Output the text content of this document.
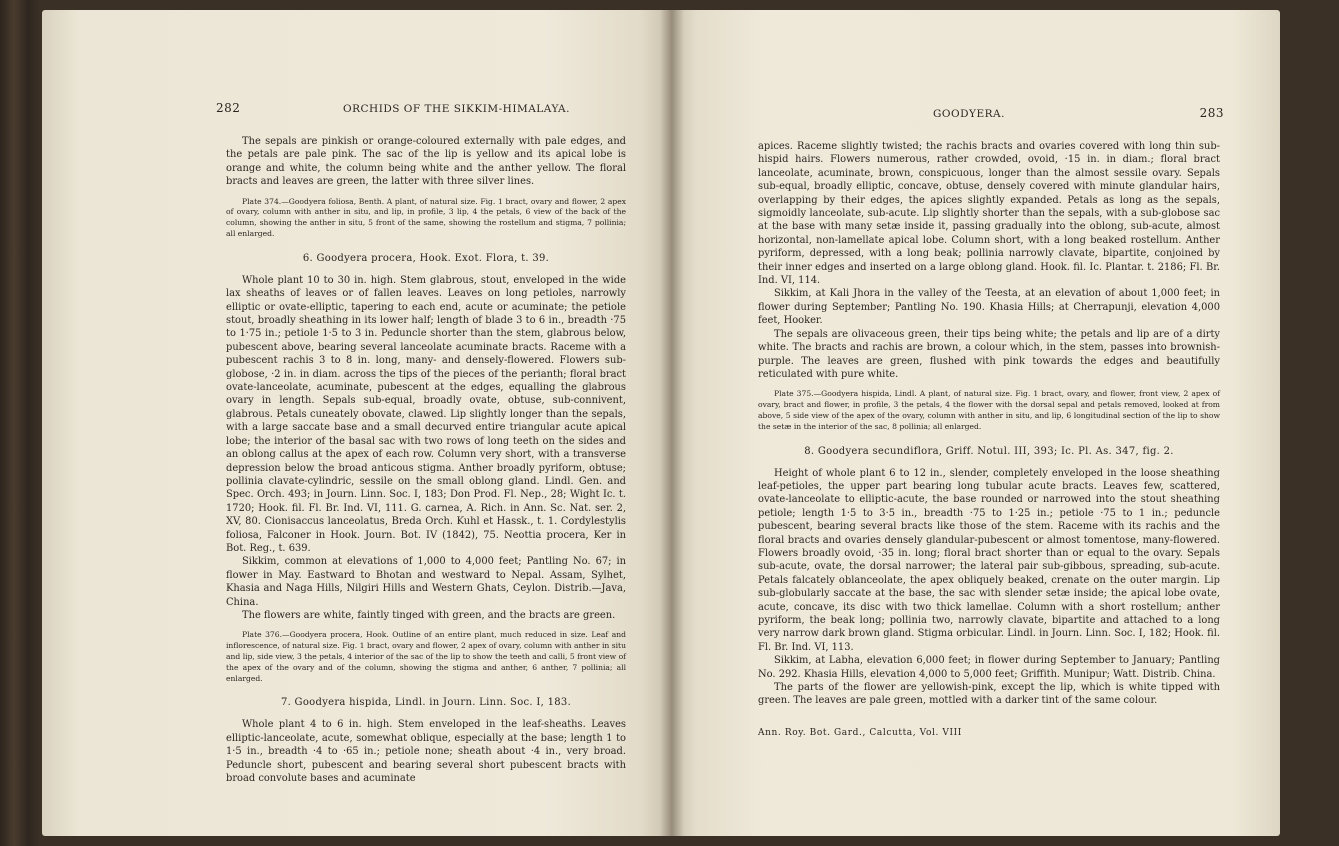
282	ORCHIDS OF THE SIKKIM-HIMALAYA.

The sepals are pinkish or orange-coloured externally with pale edges, and the petals are pale pink. The sac of the lip is yellow and its apical lobe is orange and white, the column being white and the anther yellow. The floral bracts and leaves are green, the latter with three silver lines.

Plate 374.—Goodyera foliosa, Benth. A plant, of natural size. Fig. 1 bract, ovary and flower, 2 apex of ovary, column with anther in situ, and lip, in profile, 3 lip, 4 the petals, 6 view of the back of the column, showing the anther in situ, 5 front of the same, showing the rostellum and stigma, 7 pollinia; all enlarged.

6. Goodyera procera, Hook. Exot. Flora, t. 39.

Whole plant 10 to 30 in. high. Stem glabrous, stout, enveloped in the wide lax sheaths of leaves or of fallen leaves. Leaves on long petioles, narrowly elliptic or ovate-elliptic, tapering to each end, acute or acuminate; the petiole stout, broadly sheathing in its lower half; length of blade 3 to 6 in., breadth ·75 to 1·75 in.; petiole 1·5 to 3 in. Peduncle shorter than the stem, glabrous below, pubescent above, bearing several lanceolate acuminate bracts. Raceme with a pubescent rachis 3 to 8 in. long, many- and densely-flowered. Flowers sub-globose, ·2 in. in diam. across the tips of the pieces of the perianth; floral bract ovate-lanceolate, acuminate, pubescent at the edges, equalling the glabrous ovary in length. Sepals sub-equal, broadly ovate, obtuse, sub-connivent, glabrous. Petals cuneately obovate, clawed. Lip slightly longer than the sepals, with a large saccate base and a small decurved entire triangular acute apical lobe; the interior of the basal sac with two rows of long teeth on the sides and an oblong callus at the apex of each row. Column very short, with a transverse depression below the broad anticous stigma. Anther broadly pyriform, obtuse; pollinia clavate-cylindric, sessile on the small oblong gland. Lindl. Gen. and Spec. Orch. 493; in Journ. Linn. Soc. I, 183; Don Prod. Fl. Nep., 28; Wight Ic. t. 1720; Hook. fil. Fl. Br. Ind. VI, 111. G. carnea, A. Rich. in Ann. Sc. Nat. ser. 2, XV, 80. Cionisaccus lanceolatus, Breda Orch. Kuhl et Hassk., t. 1. Cordylestylis foliosa, Falconer in Hook. Journ. Bot. IV (1842), 75. Neottia procera, Ker in Bot. Reg., t. 639.

Sikkim, common at elevations of 1,000 to 4,000 feet; Pantling No. 67; in flower in May. Eastward to Bhotan and westward to Nepal. Assam, Sylhet, Khasia and Naga Hills, Nilgiri Hills and Western Ghats, Ceylon. Distrib.—Java, China.

The flowers are white, faintly tinged with green, and the bracts are green.

Plate 376.—Goodyera procera, Hook. Outline of an entire plant, much reduced in size. Leaf and inflorescence, of natural size. Fig. 1 bract, ovary and flower, 2 apex of ovary, column with anther in situ and lip, side view, 3 the petals, 4 interior of the sac of the lip to show the teeth and calli, 5 front view of the apex of the ovary and of the column, showing the stigma and anther, 6 anther, 7 pollinia; all enlarged.

7. Goodyera hispida, Lindl. in Journ. Linn. Soc. I, 183.

Whole plant 4 to 6 in. high. Stem enveloped in the leaf-sheaths. Leaves elliptic-lanceolate, acute, somewhat oblique, especially at the base; length 1 to 1·5 in., breadth ·4 to ·65 in.; petiole none; sheath about ·4 in., very broad. Peduncle short, pubescent and bearing several short pubescent bracts with broad convolute bases and acuminate

GOODYERA.	283

apices. Raceme slightly twisted; the rachis bracts and ovaries covered with long thin sub-hispid hairs. Flowers numerous, rather crowded, ovoid, ·15 in. in diam.; floral bract lanceolate, acuminate, brown, conspicuous, longer than the almost sessile ovary. Sepals sub-equal, broadly elliptic, concave, obtuse, densely covered with minute glandular hairs, overlapping by their edges, the apices slightly expanded. Petals as long as the sepals, sigmoidly lanceolate, sub-acute. Lip slightly shorter than the sepals, with a sub-globose sac at the base with many setæ inside it, passing gradually into the oblong, sub-acute, almost horizontal, non-lamellate apical lobe. Column short, with a long beaked rostellum. Anther pyriform, depressed, with a long beak; pollinia narrowly clavate, bipartite, conjoined by their inner edges and inserted on a large oblong gland. Hook. fil. Ic. Plantar. t. 2186; Fl. Br. Ind. VI, 114.

Sikkim, at Kali Jhora in the valley of the Teesta, at an elevation of about 1,000 feet; in flower during September; Pantling No. 190. Khasia Hills; at Cherrapunji, elevation 4,000 feet, Hooker.

The sepals are olivaceous green, their tips being white; the petals and lip are of a dirty white. The bracts and rachis are brown, a colour which, in the stem, passes into brownish-purple. The leaves are green, flushed with pink towards the edges and beautifully reticulated with pure white.

Plate 375.—Goodyera hispida, Lindl. A plant, of natural size. Fig. 1 bract, ovary, and flower, front view, 2 apex of ovary, bract and flower, in profile, 3 the petals, 4 the flower with the dorsal sepal and petals removed, looked at from above, 5 side view of the apex of the ovary, column with anther in situ, and lip, 6 longitudinal section of the lip to show the setæ in the interior of the sac, 8 pollinia; all enlarged.

8. Goodyera secundiflora, Griff. Notul. III, 393; Ic. Pl. As. 347, fig. 2.

Height of whole plant 6 to 12 in., slender, completely enveloped in the loose sheathing leaf-petioles, the upper part bearing long tubular acute bracts. Leaves few, scattered, ovate-lanceolate to elliptic-acute, the base rounded or narrowed into the stout sheathing petiole; length 1·5 to 3·5 in., breadth ·75 to 1·25 in.; petiole ·75 to 1 in.; peduncle pubescent, bearing several bracts like those of the stem. Raceme with its rachis and the floral bracts and ovaries densely glandular-pubescent or almost tomentose, many-flowered. Flowers broadly ovoid, ·35 in. long; floral bract shorter than or equal to the ovary. Sepals sub-acute, ovate, the dorsal narrower; the lateral pair sub-gibbous, spreading, sub-acute. Petals falcately oblanceolate, the apex obliquely beaked, crenate on the outer margin. Lip sub-globularly saccate at the base, the sac with slender setæ inside; the apical lobe ovate, acute, concave, its disc with two thick lamellae. Column with a short rostellum; anther pyriform, the beak long; pollinia two, narrowly clavate, bipartite and attached to a long very narrow dark brown gland. Stigma orbicular. Lindl. in Journ. Linn. Soc. I, 182; Hook. fil. Fl. Br. Ind. VI, 113.

Sikkim, at Labha, elevation 6,000 feet; in flower during September to January; Pantling No. 292. Khasia Hills, elevation 4,000 to 5,000 feet; Griffith. Munipur; Watt. Distrib. China.

The parts of the flower are yellowish-pink, except the lip, which is white tipped with green. The leaves are pale green, mottled with a darker tint of the same colour.

Ann. Roy. Bot. Gard., Calcutta, Vol. VIII
